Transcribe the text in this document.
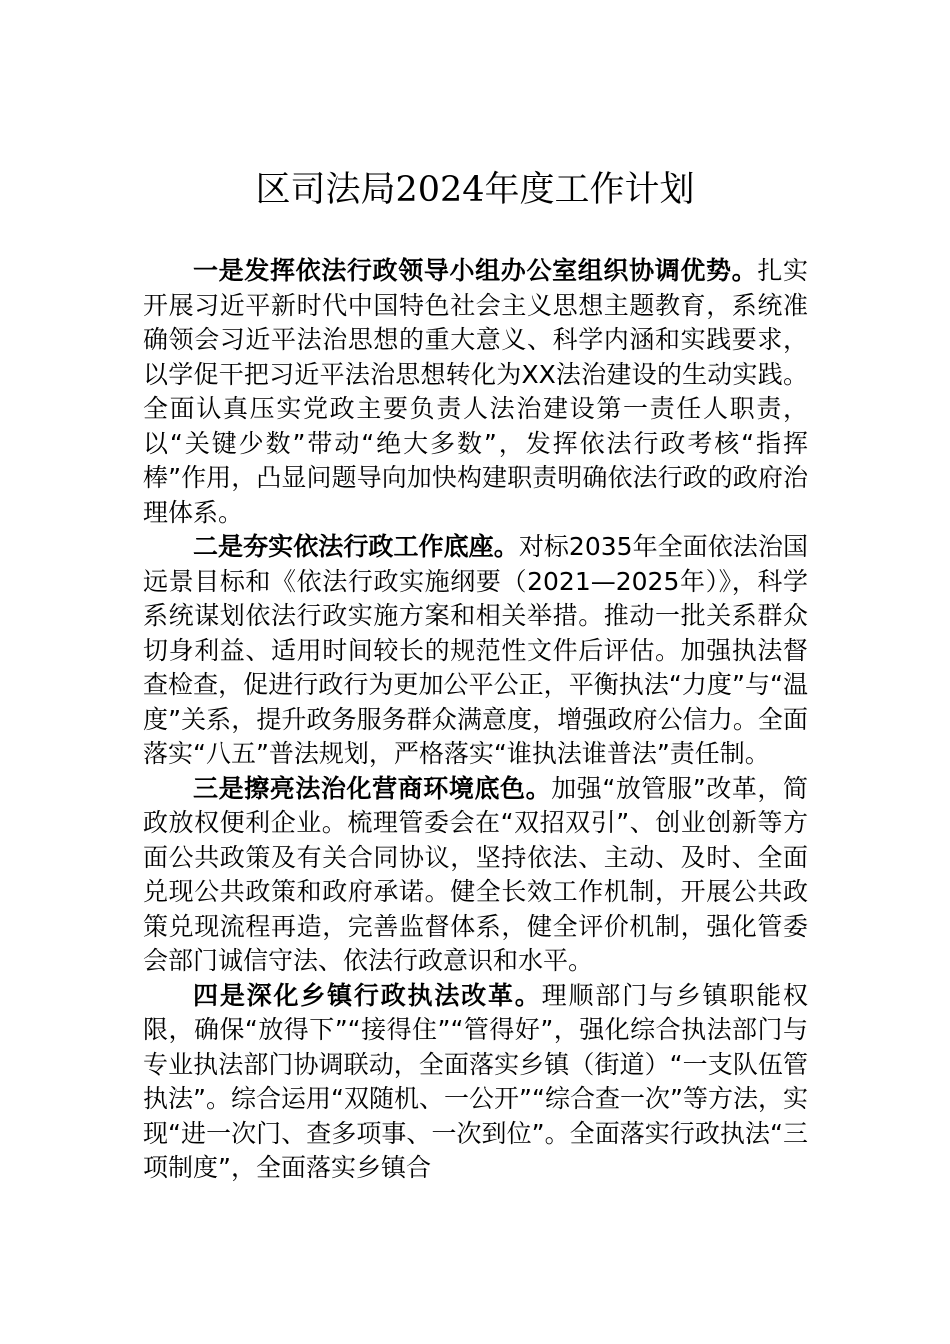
区司法局2024年度工作计划

一是发挥依法行政领导小组办公室组织协调优势。扎实开展习近平新时代中国特色社会主义思想主题教育，系统准确领会习近平法治思想的重大意义、科学内涵和实践要求，以学促干把习近平法治思想转化为XX法治建设的生动实践。全面认真压实党政主要负责人法治建设第一责任人职责，以“关键少数”带动“绝大多数”，发挥依法行政考核“指挥棒”作用，凸显问题导向加快构建职责明确依法行政的政府治理体系。

二是夯实依法行政工作底座。对标2035年全面依法治国远景目标和《依法行政实施纲要（2021—2025年）》，科学系统谋划依法行政实施方案和相关举措。推动一批关系群众切身利益、适用时间较长的规范性文件后评估。加强执法督查检查，促进行政行为更加公平公正，平衡执法“力度”与“温度”关系，提升政务服务群众满意度，增强政府公信力。全面落实“八五”普法规划，严格落实“谁执法谁普法”责任制。

三是擦亮法治化营商环境底色。加强“放管服”改革，简政放权便利企业。梳理管委会在“双招双引”、创业创新等方面公共政策及有关合同协议，坚持依法、主动、及时、全面兑现公共政策和政府承诺。健全长效工作机制，开展公共政策兑现流程再造，完善监督体系，健全评价机制，强化管委会部门诚信守法、依法行政意识和水平。

四是深化乡镇行政执法改革。理顺部门与乡镇职能权限，确保“放得下”“接得住”“管得好”，强化综合执法部门与专业执法部门协调联动，全面落实乡镇（街道）“一支队伍管执法”。综合运用“双随机、一公开”“综合查一次”等方法，实现“进一次门、查多项事、一次到位”。全面落实行政执法“三项制度”，全面落实乡镇合
